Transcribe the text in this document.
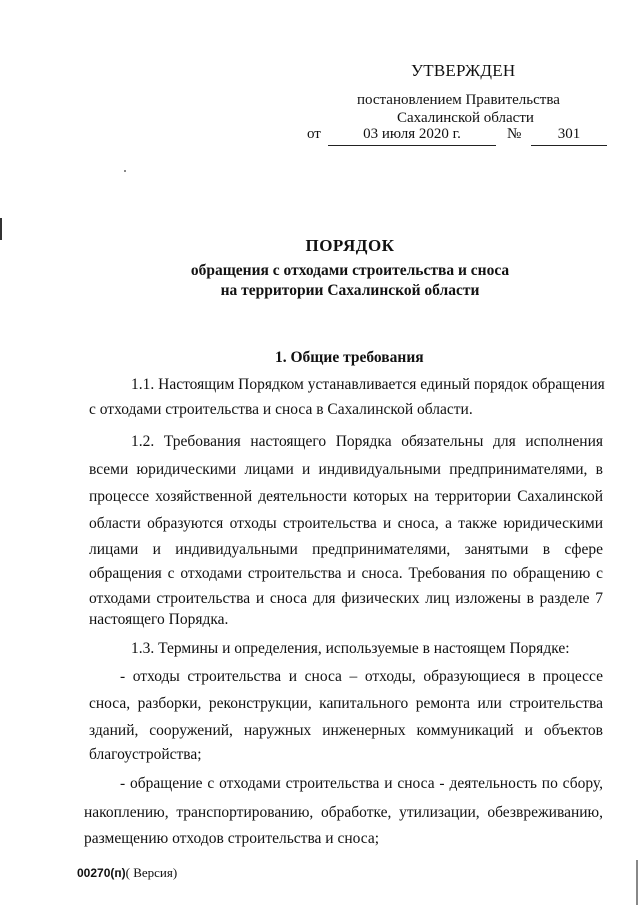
УТВЕРЖДЕН
постановлением Правительства
Сахалинской области
от	03 июля 2020 г.	№	301
ПОРЯДОК
обращения с отходами строительства и сноса
на территории Сахалинской области
1. Общие требования
1.1. Настоящим Порядком устанавливается единый порядок обращения
с отходами строительства и сноса в Сахалинской области.
1.2. Требования настоящего Порядка обязательны для исполнения
всеми юридическими лицами и индивидуальными предпринимателями, в
процессе хозяйственной деятельности которых на территории Сахалинской
области образуются отходы строительства и сноса, а также юридическими
лицами и индивидуальными предпринимателями, занятыми в сфере
обращения с отходами строительства и сноса. Требования по обращению с
отходами строительства и сноса для физических лиц изложены в разделе 7
настоящего Порядка.
1.3. Термины и определения, используемые в настоящем Порядке:
- отходы строительства и сноса – отходы, образующиеся в процессе
сноса, разборки, реконструкции, капитального ремонта или строительства
зданий, сооружений, наружных инженерных коммуникаций и объектов
благоустройства;
- обращение с отходами строительства и сноса - деятельность по сбору,
накоплению, транспортированию, обработке, утилизации, обезвреживанию,
размещению отходов строительства и сноса;
00270(п)( Версия)
